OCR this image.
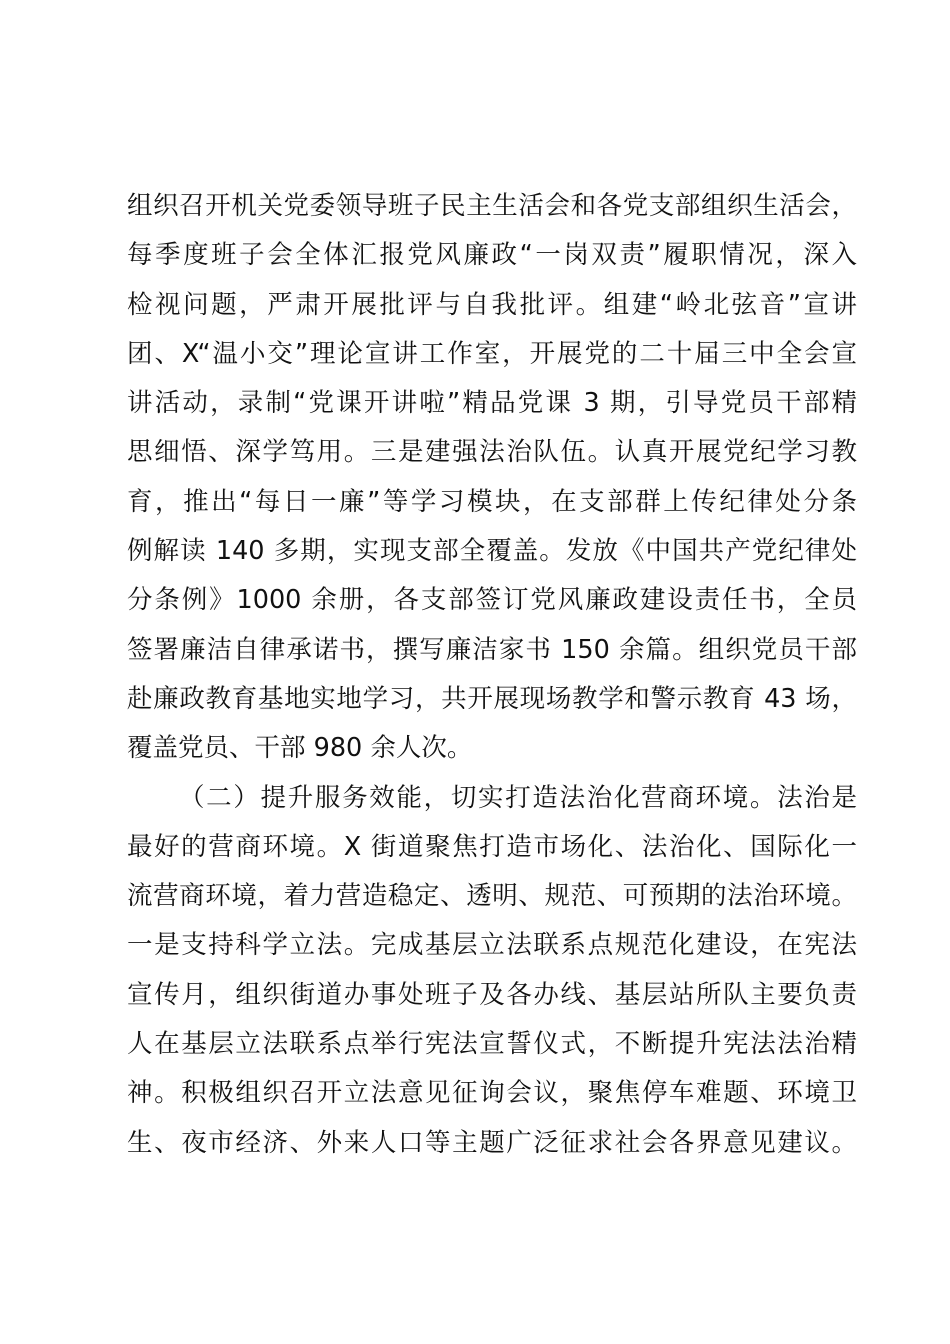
组织召开机关党委领导班子民主生活会和各党支部组织生活会，
每季度班子会全体汇报党风廉政“一岗双责”履职情况，深入
检视问题，严肃开展批评与自我批评。组建“岭北弦音”宣讲
团、X“温小交”理论宣讲工作室，开展党的二十届三中全会宣
讲活动，录制“党课开讲啦”精品党课 3 期，引导党员干部精
思细悟、深学笃用。三是建强法治队伍。认真开展党纪学习教
育，推出“每日一廉”等学习模块，在支部群上传纪律处分条
例解读 140 多期，实现支部全覆盖。发放《中国共产党纪律处
分条例》1000 余册，各支部签订党风廉政建设责任书，全员
签署廉洁自律承诺书，撰写廉洁家书 150 余篇。组织党员干部
赴廉政教育基地实地学习，共开展现场教学和警示教育 43 场，
覆盖党员、干部 980 余人次。
（二）提升服务效能，切实打造法治化营商环境。法治是
最好的营商环境。X 街道聚焦打造市场化、法治化、国际化一
流营商环境，着力营造稳定、透明、规范、可预期的法治环境。
一是支持科学立法。完成基层立法联系点规范化建设，在宪法
宣传月，组织街道办事处班子及各办线、基层站所队主要负责
人在基层立法联系点举行宪法宣誓仪式，不断提升宪法法治精
神。积极组织召开立法意见征询会议，聚焦停车难题、环境卫
生、夜市经济、外来人口等主题广泛征求社会各界意见建议。
